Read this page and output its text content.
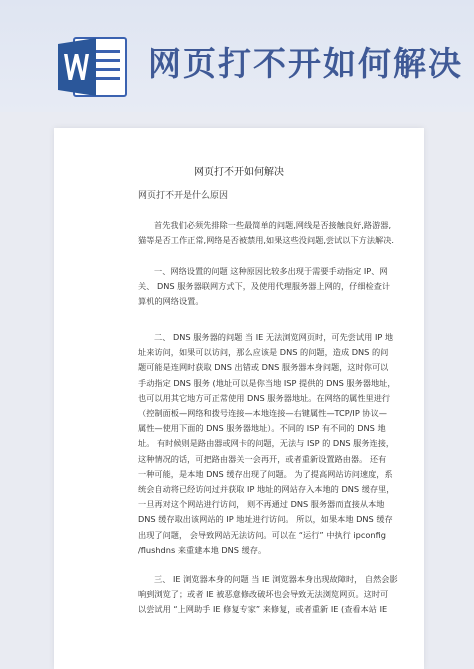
网页打不开如何解决
网页打不开如何解决
网页打不开是什么原因
首先我们必须先排除一些最简单的问题,网线是否接触良好,路游器,
猫等是否工作正常,网络是否被禁用,如果这些没问题,尝试以下方法解决.
一、网络设置的问题 这种原因比较多出现于需要手动指定 IP、网
关、 DNS 服务器联网方式下，及使用代理服务器上网的，仔细检查计
算机的网络设置。
二、 DNS 服务器的问题 当 IE 无法浏览网页时，可先尝试用 IP 地
址来访问，如果可以访问，那么应该是 DNS 的问题，造成 DNS 的问
题可能是连网时获取 DNS 出错或 DNS 服务器本身问题，这时你可以
手动指定 DNS 服务 (地址可以是你当地 ISP 提供的 DNS 服务器地址，
也可以用其它地方可正常使用 DNS 服务器地址。在网络的属性里进行
（控制面板—网络和拨号连接—本地连接—右键属性—TCP/IP 协议—
属性—使用下面的 DNS 服务器地址）。不同的 ISP 有不同的 DNS 地
址。 有时候则是路由器或网卡的问题，无法与 ISP 的 DNS 服务连接，
这种情况的话，可把路由器关一会再开，或者重新设置路由器。 还有
一种可能，是本地 DNS 缓存出现了问题。 为了提高网站访问速度，系
统会自动将已经访问过并获取 IP 地址的网站存入本地的 DNS 缓存里，
一旦再对这个网站进行访问， 则不再通过 DNS 服务器而直接从本地
DNS 缓存取出该网站的 IP 地址进行访问。 所以，如果本地 DNS 缓存
出现了问题， 会导致网站无法访问。可以在 “运行” 中执行 ipconfig
/flushdns 来重建本地 DNS 缓存。
三、 IE 浏览器本身的问题 当 IE 浏览器本身出现故障时， 自然会影
响到浏览了；或者 IE 被恶意修改破坏也会导致无法浏览网页。这时可
以尝试用 “上网助手 IE 修复专家” 来修复，或者重新 IE (查看本站 IE
